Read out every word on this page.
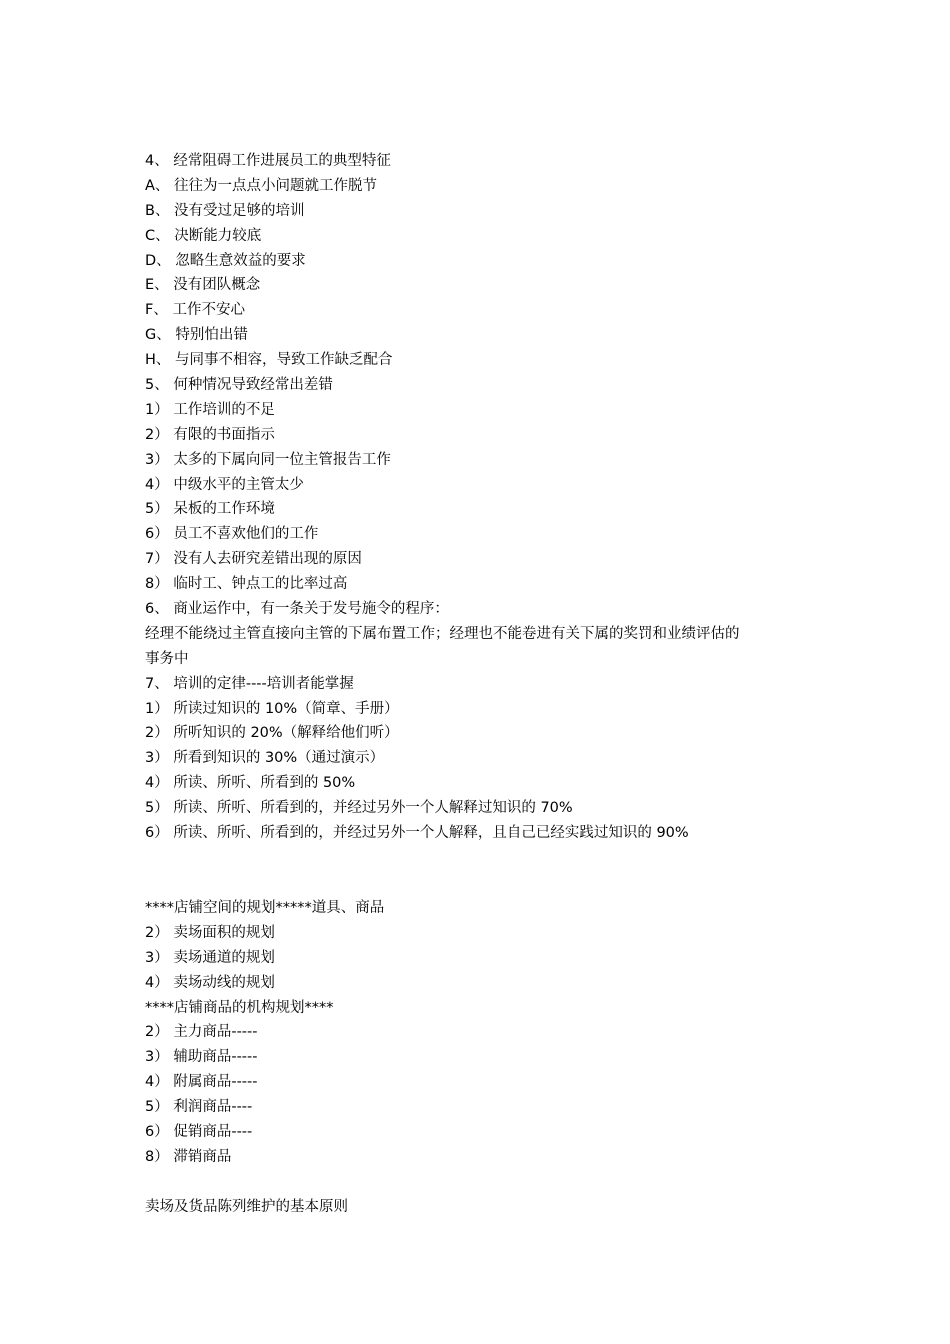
4、 经常阻碍工作进展员工的典型特征
A、 往往为一点点小问题就工作脱节
B、 没有受过足够的培训
C、 决断能力较底
D、 忽略生意效益的要求
E、 没有团队概念
F、 工作不安心
G、 特别怕出错
H、 与同事不相容，导致工作缺乏配合
5、 何种情况导致经常出差错
1） 工作培训的不足
2） 有限的书面指示
3） 太多的下属向同一位主管报告工作
4） 中级水平的主管太少
5） 呆板的工作环境
6） 员工不喜欢他们的工作
7） 没有人去研究差错出现的原因
8） 临时工、钟点工的比率过高
6、 商业运作中，有一条关于发号施令的程序：
经理不能绕过主管直接向主管的下属布置工作；经理也不能卷进有关下属的奖罚和业绩评估的
事务中
7、 培训的定律----培训者能掌握
1） 所读过知识的 10%（简章、手册）
2） 所听知识的 20%（解释给他们听）
3） 所看到知识的 30%（通过演示）
4） 所读、所听、所看到的 50%
5） 所读、所听、所看到的，并经过另外一个人解释过知识的 70%
6） 所读、所听、所看到的，并经过另外一个人解释，且自己已经实践过知识的 90%
****店铺空间的规划*****道具、商品
2） 卖场面积的规划
3） 卖场通道的规划
4） 卖场动线的规划
****店铺商品的机构规划****
2） 主力商品-----
3） 辅助商品-----
4） 附属商品-----
5） 利润商品----
6） 促销商品----
8） 滞销商品
卖场及货品陈列维护的基本原则
